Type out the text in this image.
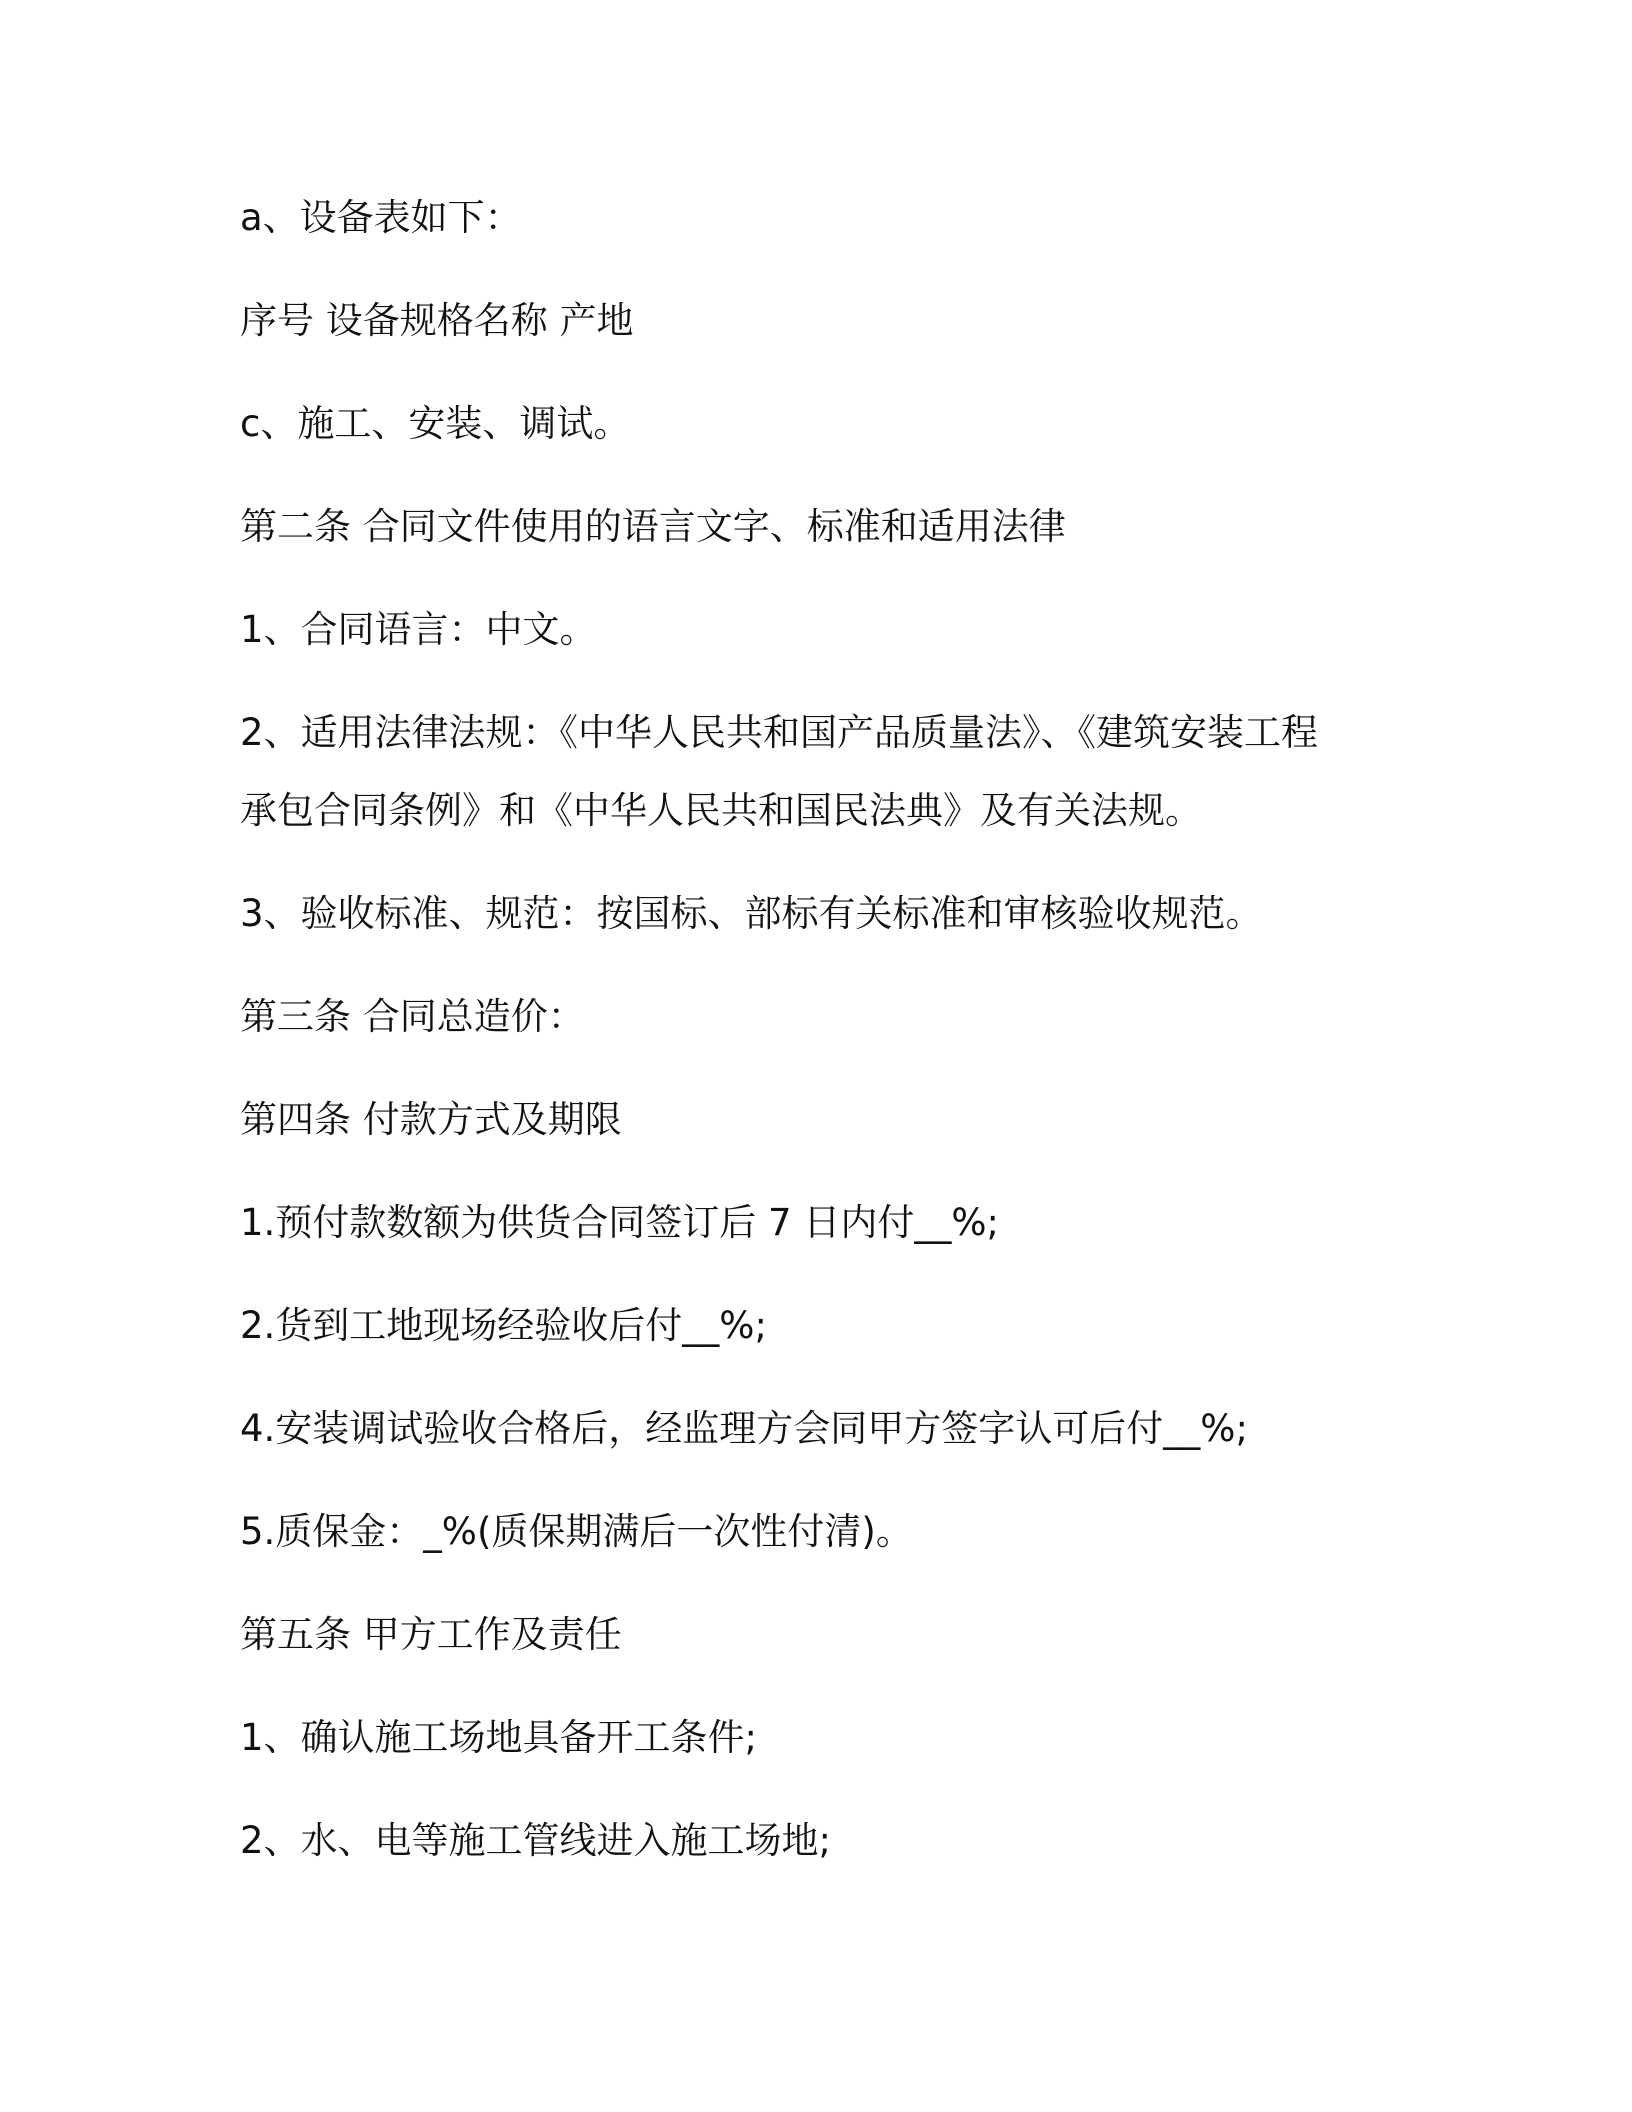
a、设备表如下：

序号 设备规格名称 产地

c、施工、安装、调试。

第二条 合同文件使用的语言文字、标准和适用法律

1、合同语言：中文。

2、适用法律法规：《中华人民共和国产品质量法》、《建筑安装工程

承包合同条例》和《中华人民共和国民法典》及有关法规。

3、验收标准、规范：按国标、部标有关标准和审核验收规范。

第三条 合同总造价：

第四条 付款方式及期限

1.预付款数额为供货合同签订后 7 日内付__%;

2.货到工地现场经验收后付__%;

4.安装调试验收合格后，经监理方会同甲方签字认可后付__%;

5.质保金：_%(质保期满后一次性付清)。

第五条 甲方工作及责任

1、确认施工场地具备开工条件;

2、水、电等施工管线进入施工场地;
